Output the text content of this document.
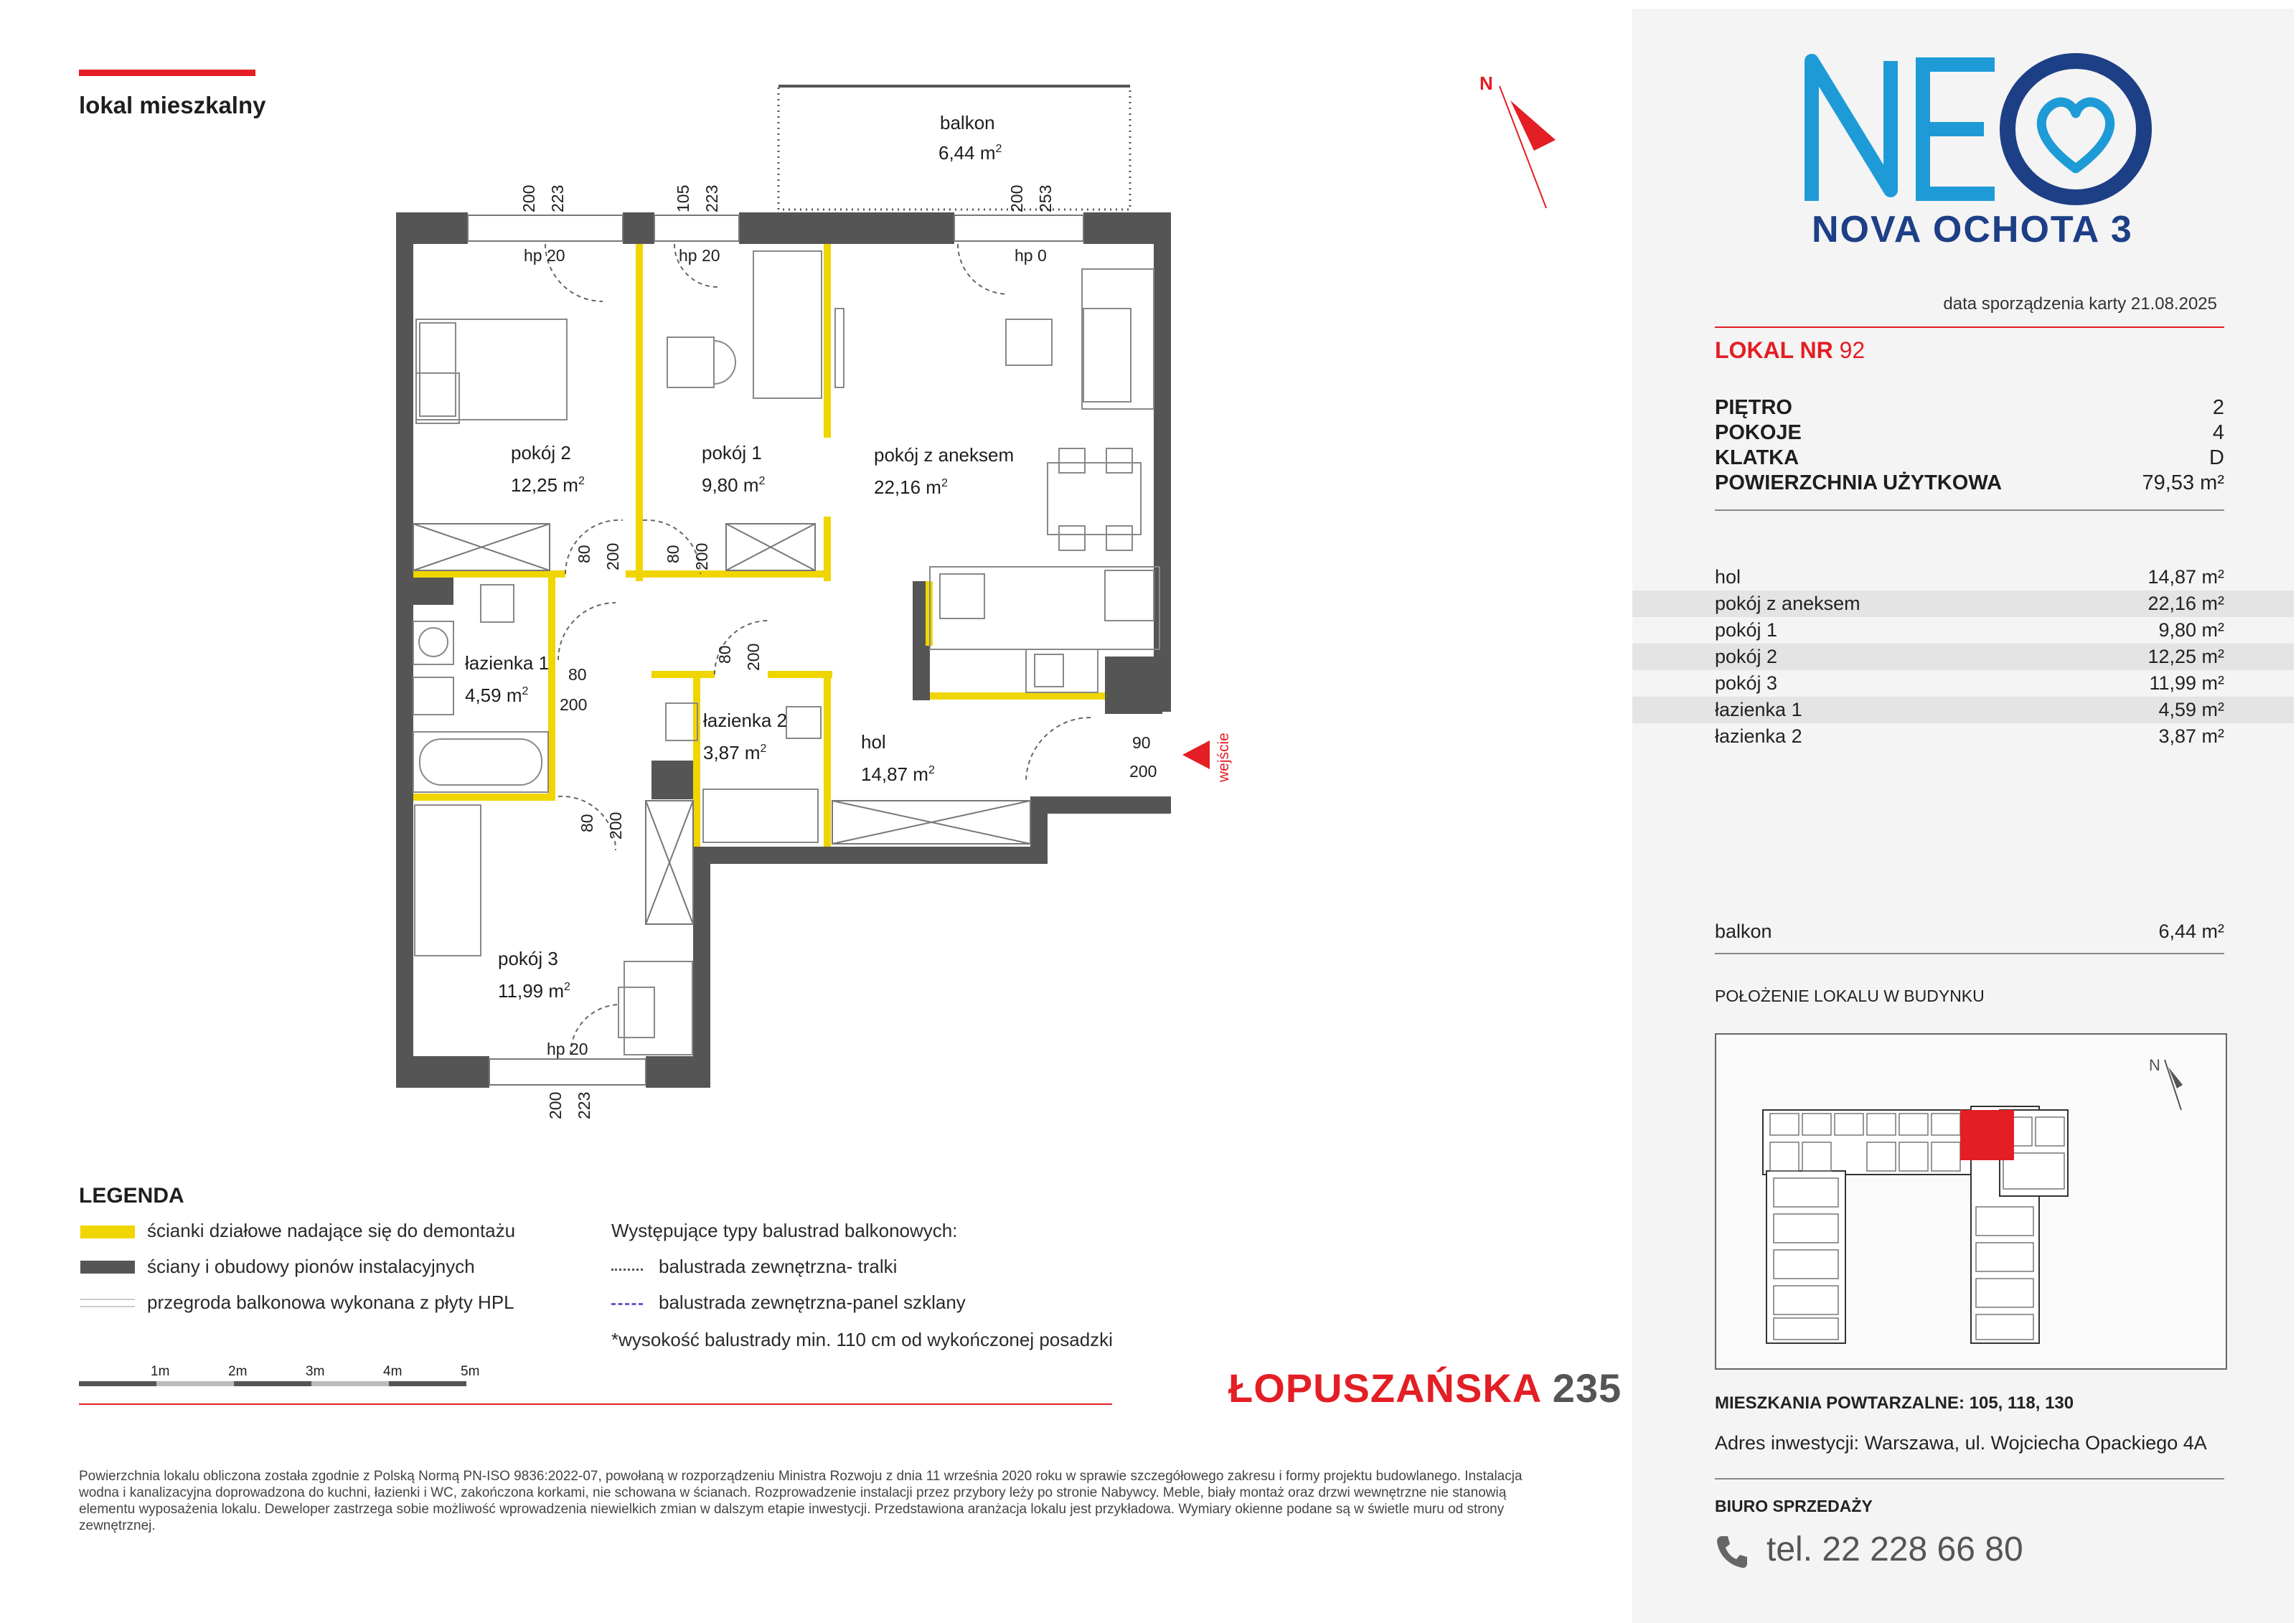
lokal mieszkalny
N
balkon
6,44 $m^2$
pokój 2
12,25 $m^2$
pokój 1
9,80 $m^2$
pokój z aneksem
22,16 $m^2$
łazienka 1
4,59 $m^2$
łazienka 2
3,87 $m^2$	hol
14,87 $m^2$
pokój 3
11,99 $m^2$
200 223	105 223	200 253
200 223
hp 20	hp 20	hp 0
hp 20
80 200	80 200
80
200
80 200
80 200
90
200	wejście
LEGENDA
ścianki działowe nadające się do demontażu
ściany i obudowy pionów instalacyjnych
przegroda balkonowa wykonana z płyty HPL
Występujące typy balustrad balkonowych:
balustrada zewnętrzna- tralki
balustrada zewnętrzna-panel szklany
*wysokość balustrady min. 110 cm od wykończonej posadzki
1m	2m	3m	4m	5m	ŁOPUSZAŃSKA 235
Powierzchnia lokalu obliczona została zgodnie z Polską Normą PN-ISO 9836:2022-07, powołaną w rozporządzeniu Ministra Rozwoju z dnia 11 września 2020 roku w sprawie szczegółowego zakresu i formy projektu budowlanego. Instalacja wodna i kanalizacyjna doprowadzona do kuchni, łazienki i WC, zakończona korkami, nie schowana w ścianach. Rozprowadzenie instalacji przez przybory leży po stronie Nabywcy. Meble, biały montaż oraz drzwi wewnętrzne nie stanowią elementu wyposażenia lokalu. Deweloper zastrzega sobie możliwość wprowadzenia niewielkich zmian w dalszym etapie inwestycji. Przedstawiona aranżacja lokalu jest przykładowa. Wymiary okienne podane są w świetle muru od strony zewnętrznej.
NOVA OCHOTA 3
data sporządzenia karty 21.08.2025
LOKAL NR 92
PIĘTRO	2
POKOJE	4
KLATKA	D
POWIERZCHNIA UŻYTKOWA	79,53 m²
hol	14,87 m²
pokój z aneksem	22,16 m²
pokój 1	9,80 m²
pokój 2	12,25 m²
pokój 3	11,99 m²
łazienka 1	4,59 m²
łazienka 2	3,87 m²
balkon	6,44 m²
POŁOŻENIE LOKALU W BUDYNKU
N
MIESZKANIA POWTARZALNE: 105, 118, 130
Adres inwestycji: Warszawa, ul. Wojciecha Opackiego 4A
BIURO SPRZEDAŻY
tel. 22 228 66 80
